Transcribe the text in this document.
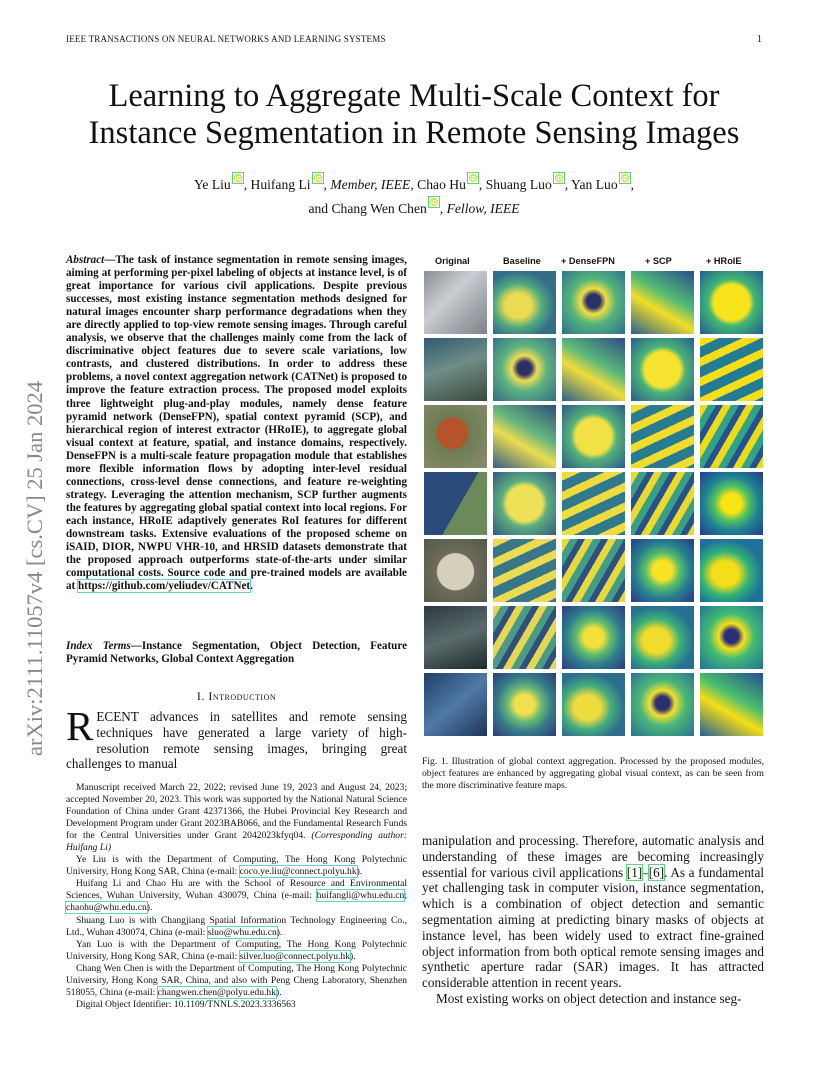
IEEE TRANSACTIONS ON NEURAL NETWORKS AND LEARNING SYSTEMS	1
arXiv:2111.11057v4 [cs.CV] 25 Jan 2024
Learning to Aggregate Multi-Scale Context for
Instance Segmentation in Remote Sensing Images
Ye Liu iD , Huifang Li iD , Member, IEEE, Chao Hu iD , Shuang Luo iD , Yan Luo iD ,
and Chang Wen Chen iD , Fellow, IEEE
Abstract—The task of instance segmentation in remote sensing images, aiming at performing per-pixel labeling of objects at instance level, is of great importance for various civil applications. Despite previous successes, most existing instance segmentation methods designed for natural images encounter sharp performance degradations when they are directly applied to top-view remote sensing images. Through careful analysis, we observe that the challenges mainly come from the lack of discriminative object features due to severe scale variations, low contrasts, and clustered distributions. In order to address these problems, a novel context aggregation network (CATNet) is proposed to improve the feature extraction process. The proposed model exploits three lightweight plug-and-play modules, namely dense feature pyramid network (DenseFPN), spatial context pyramid (SCP), and hierarchical region of interest extractor (HRoIE), to aggregate global visual context at feature, spatial, and instance domains, respectively. DenseFPN is a multi-scale feature propagation module that establishes more flexible information flows by adopting inter-level residual connections, cross-level dense connections, and feature re-weighting strategy. Leveraging the attention mechanism, SCP further augments the features by aggregating global spatial context into local regions. For each instance, HRoIE adaptively generates RoI features for different downstream tasks. Extensive evaluations of the proposed scheme on iSAID, DIOR, NWPU VHR-10, and HRSID datasets demonstrate that the proposed approach outperforms state-of-the-arts under similar computational costs. Source code and pre-trained models are available at https://github.com/yeliudev/CATNet.
Index Terms—Instance Segmentation, Object Detection, Feature Pyramid Networks, Global Context Aggregation
I. Introduction
RECENT advances in satellites and remote sensing techniques have generated a large variety of high-resolution remote sensing images, bringing great challenges to manual

Manuscript received March 22, 2022; revised June 19, 2023 and August 24, 2023; accepted November 20, 2023. This work was supported by the National Natural Science Foundation of China under Grant 42371366, the Hubei Provincial Key Research and Development Program under Grant 2023BAB066, and the Fundamental Research Funds for the Central Universities under Grant 2042023kfyq04. (Corresponding author: Huifang Li)

Ye Liu is with the Department of Computing, The Hong Kong Polytechnic University, Hong Kong SAR, China (e-mail: coco.ye.liu@connect.polyu.hk).

Huifang Li and Chao Hu are with the School of Resource and Environmental Sciences, Wuhan University, Wuhan 430079, China (e-mail: huifangli@whu.edu.cn; chaohu@whu.edu.cn).

Shuang Luo is with Changjiang Spatial Information Technology Engineering Co., Ltd., Wuhan 430074, China (e-mail: sluo@whu.edu.cn).

Yan Luo is with the Department of Computing, The Hong Kong Polytechnic University, Hong Kong SAR, China (e-mail: silver.luo@connect.polyu.hk).

Chang Wen Chen is with the Department of Computing, The Hong Kong Polytechnic University, Hong Kong SAR, China, and also with Peng Cheng Laboratory, Shenzhen 518055, China (e-mail: changwen.chen@polyu.edu.hk).

Digital Object Identifier: 10.1109/TNNLS.2023.3336563

Original	Baseline + DenseFPN	+ SCP	+ HRoIE
Fig. 1. Illustration of global context aggregation. Processed by the proposed modules, object features are enhanced by aggregating global visual context, as can be seen from the more discriminative feature maps.

manipulation and processing. Therefore, automatic analysis and understanding of these images are becoming increasingly essential for various civil applications [1]–[6]. As a fundamental yet challenging task in computer vision, instance segmentation, which is a combination of object detection and semantic segmentation aiming at predicting binary masks of objects at instance level, has been widely used to extract fine-grained object information from both optical remote sensing images and synthetic aperture radar (SAR) images. It has attracted considerable attention in recent years.

Most existing works on object detection and instance seg-
